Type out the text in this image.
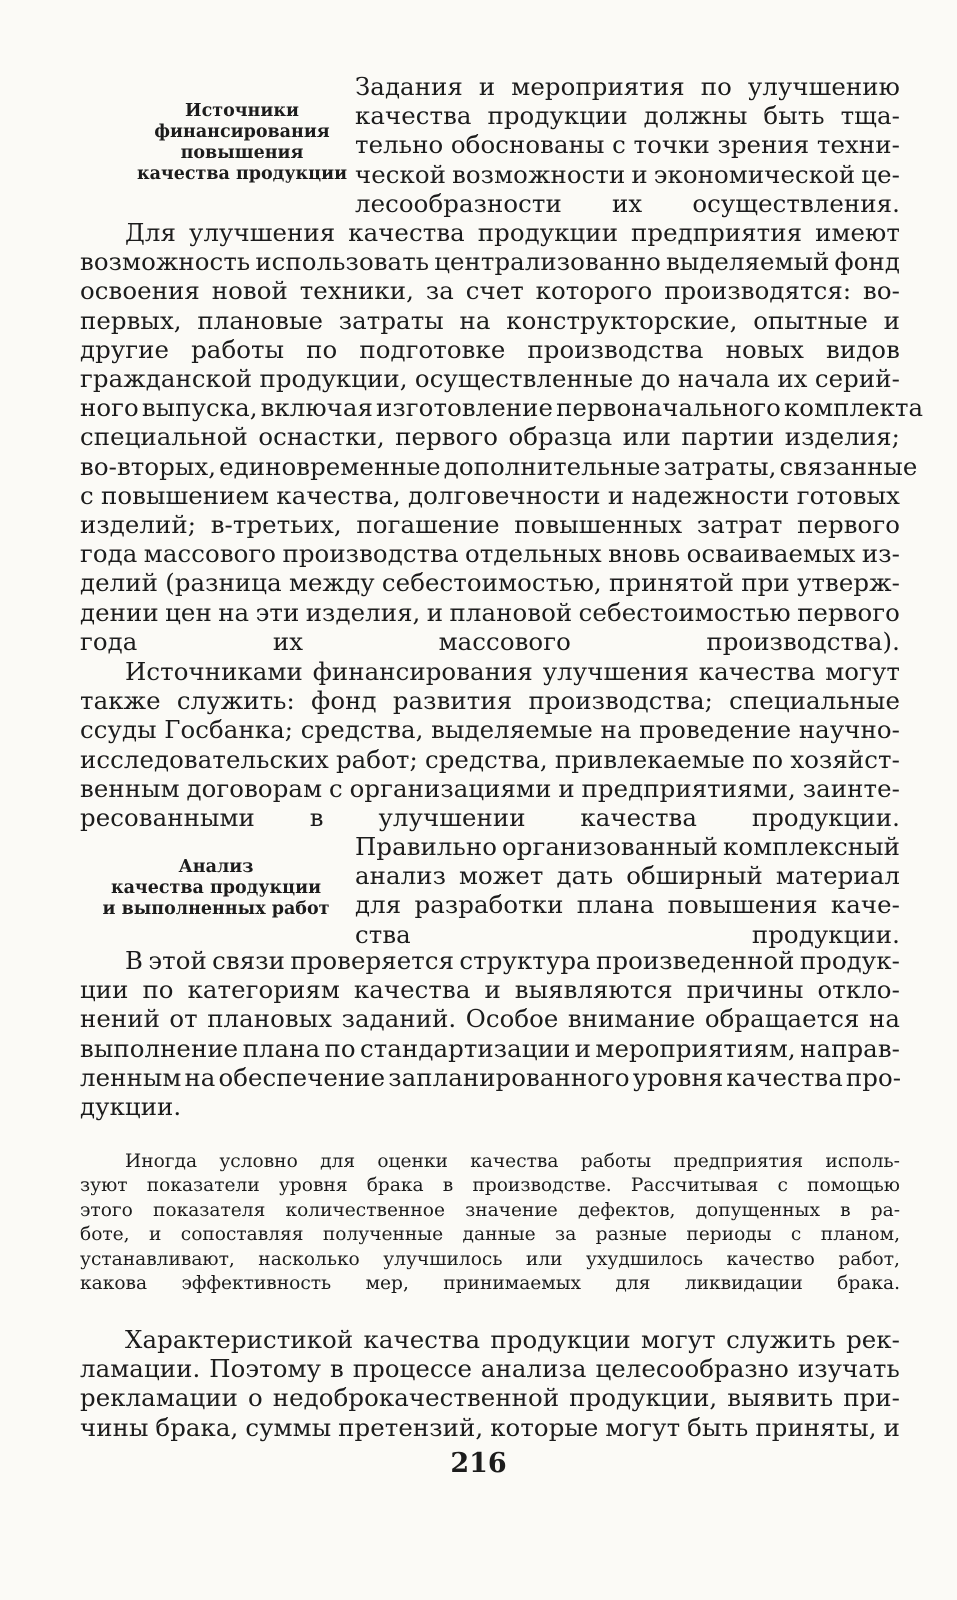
Источники
финансирования
повышения
качества продукции
Задания и мероприятия по улучшению
качества продукции должны быть тща-
тельно обоснованы с точки зрения техни-
ческой возможности и экономической це-
лесообразности их осуществления.
Для улучшения качества продукции предприятия имеют
возможность использовать централизованно выделяемый фонд
освоения новой техники, за счет которого производятся: во-
первых, плановые затраты на конструкторские, опытные и
другие работы по подготовке производства новых видов
гражданской продукции, осуществленные до начала их серий-
ного выпуска, включая изготовление первоначального комплекта
специальной оснастки, первого образца или партии изделия;
во-вторых, единовременные дополнительные затраты, связанные
с повышением качества, долговечности и надежности готовых
изделий; в-третьих, погашение повышенных затрат первого
года массового производства отдельных вновь осваиваемых из-
делий (разница между себестоимостью, принятой при утверж-
дении цен на эти изделия, и плановой себестоимостью первого
года их массового производства).
Источниками финансирования улучшения качества могут
также служить: фонд развития производства; специальные
ссуды Госбанка; средства, выделяемые на проведение научно-
исследовательских работ; средства, привлекаемые по хозяйст-
венным договорам с организациями и предприятиями, заинте-
ресованными в улучшении качества продукции.
Анализ
качества продукции
и выполненных работ
Правильно организованный комплексный
анализ может дать обширный материал
для разработки плана повышения каче-
ства продукции.
В этой связи проверяется структура произведенной продук-
ции по категориям качества и выявляются причины откло-
нений от плановых заданий. Особое внимание обращается на
выполнение плана по стандартизации и мероприятиям, направ-
ленным на обеспечение запланированного уровня качества про-
дукции.
Иногда условно для оценки качества работы предприятия исполь-
зуют показатели уровня брака в производстве. Рассчитывая с помощью
этого показателя количественное значение дефектов, допущенных в ра-
боте, и сопоставляя полученные данные за разные периоды с планом,
устанавливают, насколько улучшилось или ухудшилось качество работ,
какова эффективность мер, принимаемых для ликвидации брака.
Характеристикой качества продукции могут служить рек-
ламации. Поэтому в процессе анализа целесообразно изучать
рекламации о недоброкачественной продукции, выявить при-
чины брака, суммы претензий, которые могут быть приняты, и
216
